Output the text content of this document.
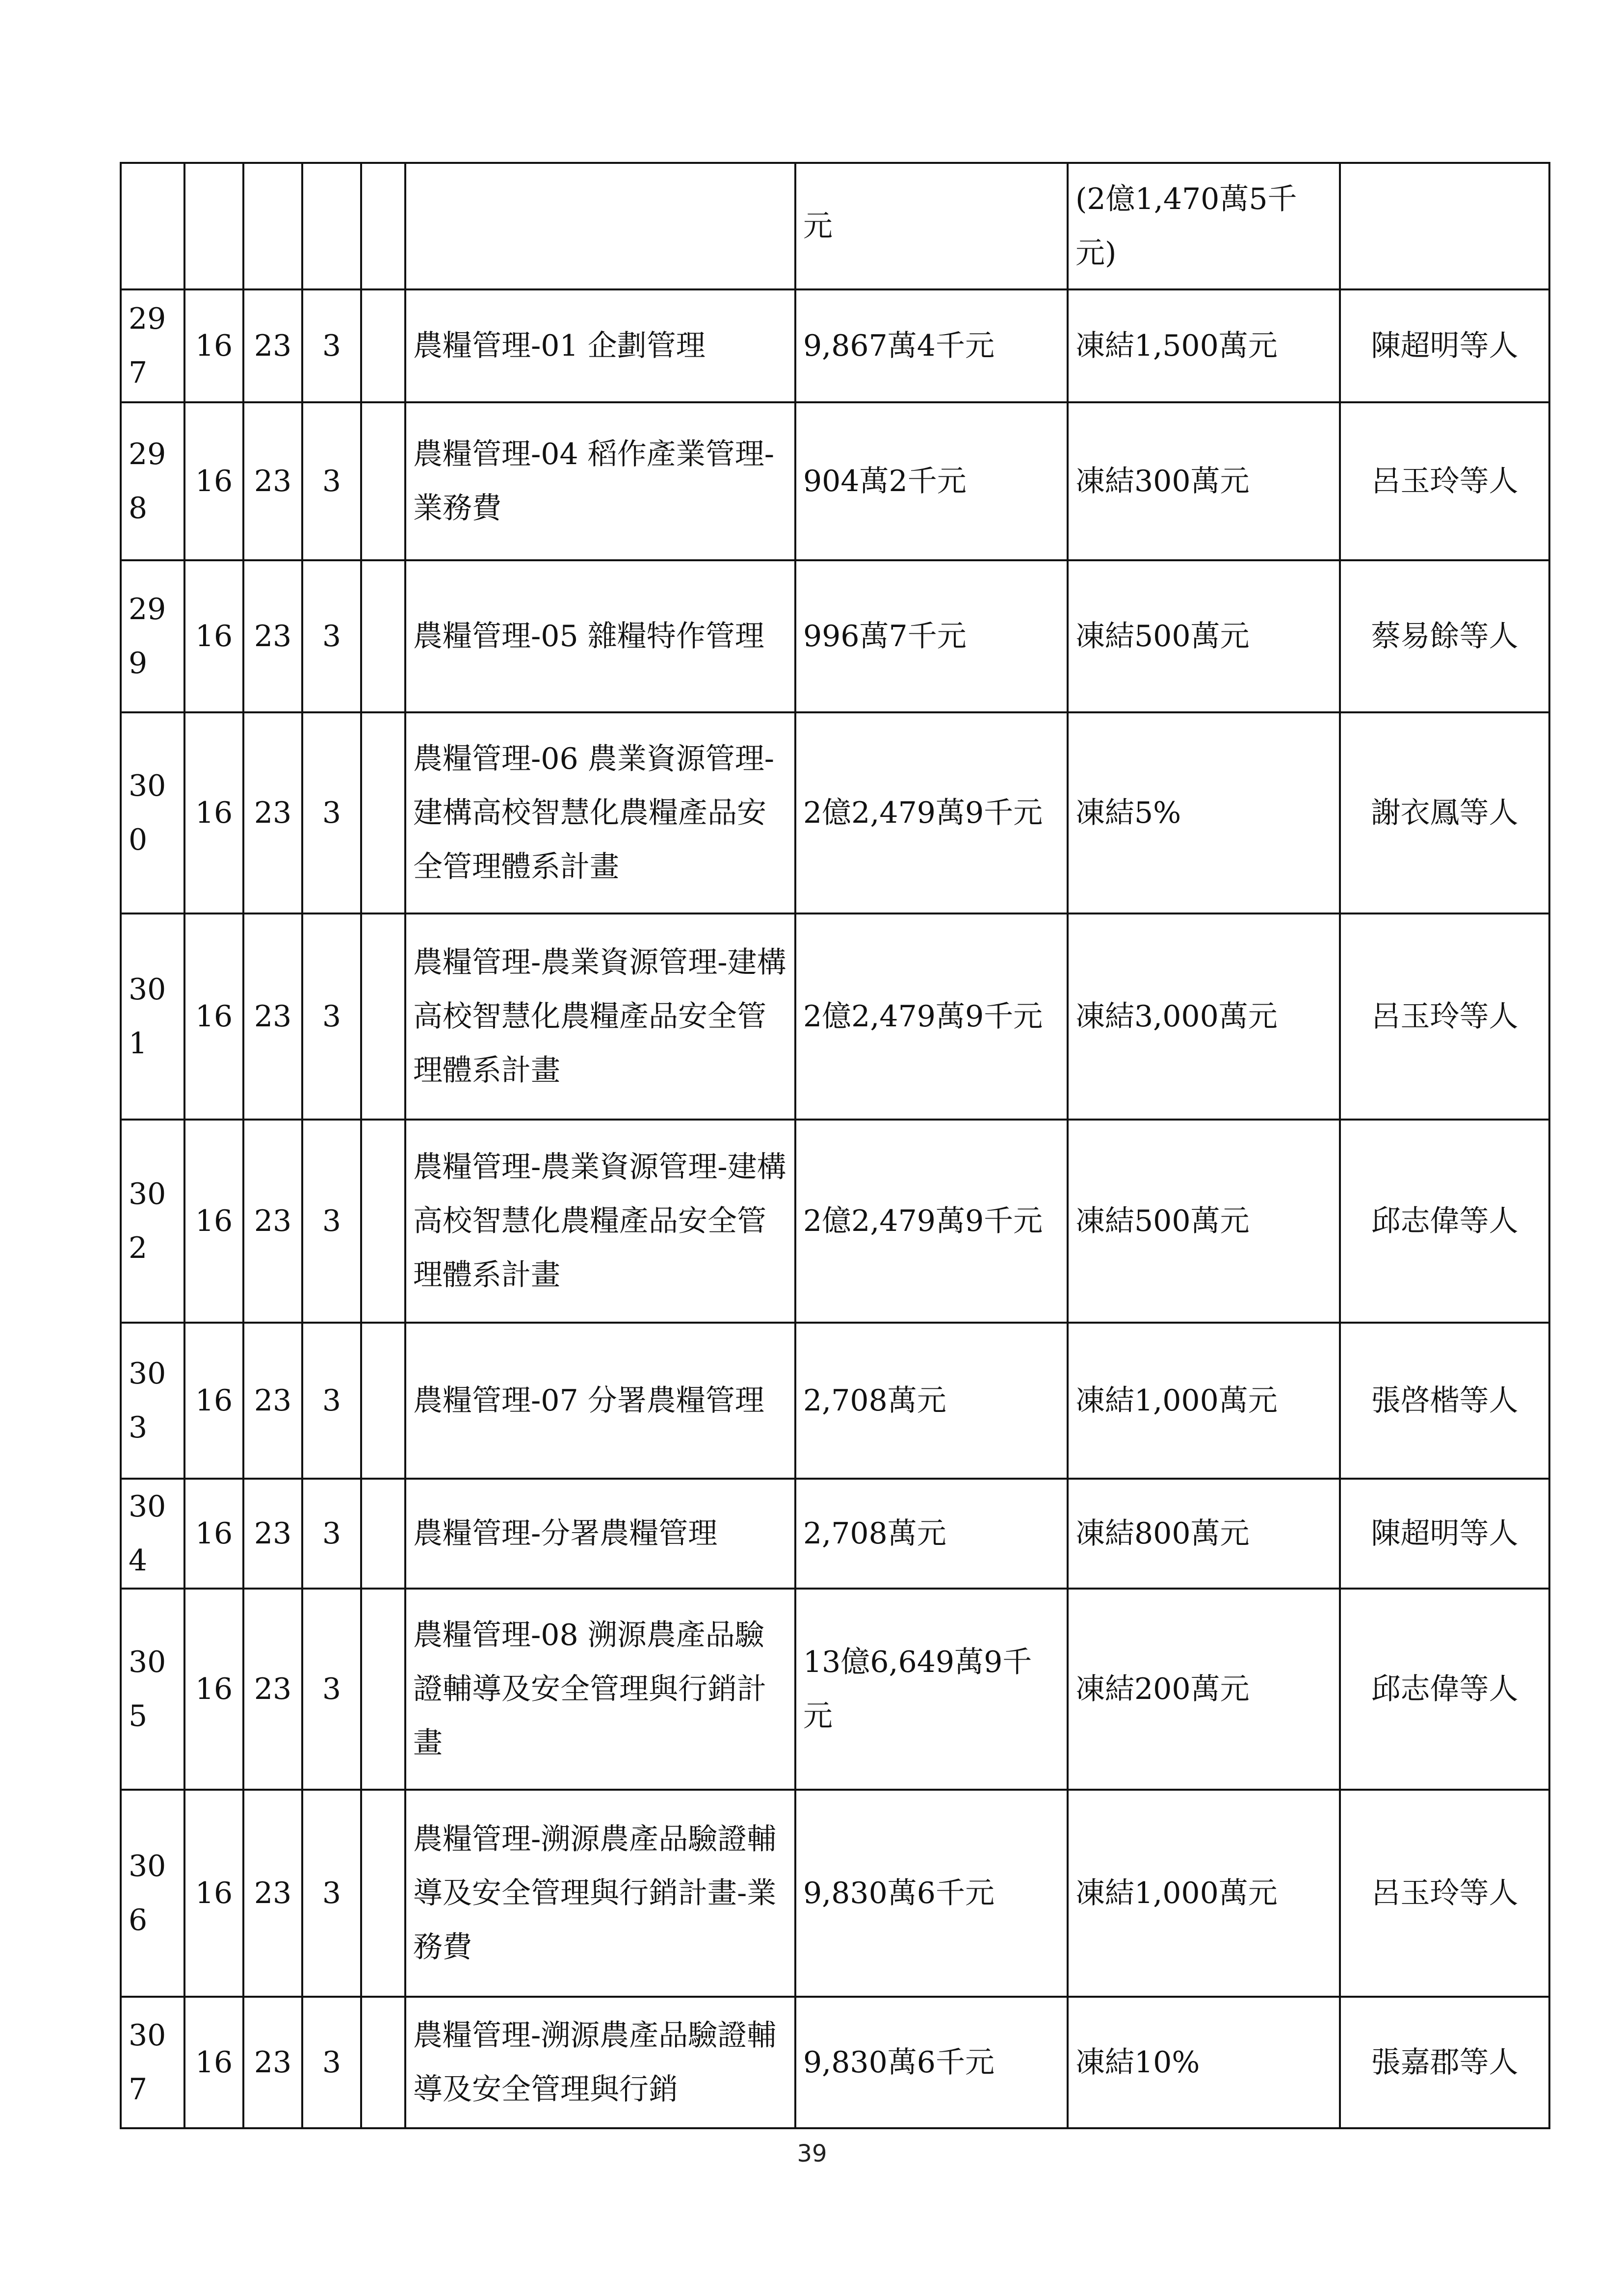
						元	(2億1,470萬5千元)	
297	16	23	3		農糧管理-01 企劃管理	9,867萬4千元	凍結1,500萬元	陳超明等人
298	16	23	3		農糧管理-04 稻作產業管理-業務費	904萬2千元	凍結300萬元	呂玉玲等人
299	16	23	3		農糧管理-05 雜糧特作管理	996萬7千元	凍結500萬元	蔡易餘等人
300	16	23	3		農糧管理-06 農業資源管理-建構高校智慧化農糧產品安全管理體系計畫	2億2,479萬9千元	凍結5%	謝衣鳳等人
301	16	23	3		農糧管理-農業資源管理-建構高校智慧化農糧產品安全管理體系計畫	2億2,479萬9千元	凍結3,000萬元	呂玉玲等人
302	16	23	3		農糧管理-農業資源管理-建構高校智慧化農糧產品安全管理體系計畫	2億2,479萬9千元	凍結500萬元	邱志偉等人
303	16	23	3		農糧管理-07 分署農糧管理	2,708萬元	凍結1,000萬元	張啓楷等人
304	16	23	3		農糧管理-分署農糧管理	2,708萬元	凍結800萬元	陳超明等人
305	16	23	3		農糧管理-08 溯源農產品驗證輔導及安全管理與行銷計畫	13億6,649萬9千元	凍結200萬元	邱志偉等人
306	16	23	3		農糧管理-溯源農產品驗證輔導及安全管理與行銷計畫-業務費	9,830萬6千元	凍結1,000萬元	呂玉玲等人
307	16	23	3		農糧管理-溯源農產品驗證輔導及安全管理與行銷	9,830萬6千元	凍結10%	張嘉郡等人
39
